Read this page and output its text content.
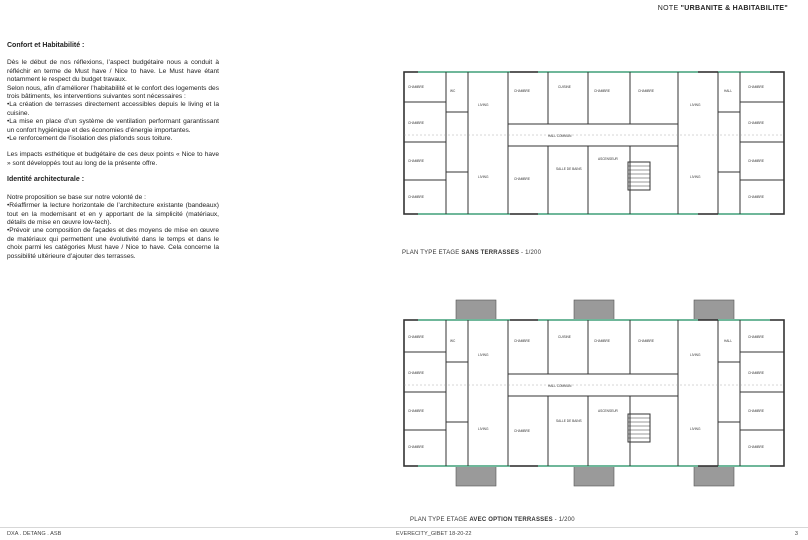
NOTE "URBANITE & HABITABILITE"
Confort et Habitabilité :

Dès le début de nos réflexions, l’aspect budgétaire nous a conduit à réfléchir en terme de Must have / Nice to have. Le Must have étant notamment le respect du budget travaux.

Selon nous, afin d’améliorer l’habitabilité et le confort des logements des trois bâtiments, les interventions suivantes sont nécessaires :

•La création de terrasses directement accessibles depuis le living et la cuisine.

•La mise en place d’un système de ventilation performant garantissant un confort hygiénique et des économies d’énergie importantes.

•Le renforcement de l’isolation des plafonds sous toiture.

Les impacts esthétique et budgétaire de ces deux points « Nice to have » sont développés tout au long de la présente offre.

Identité architecturale :

Notre proposition se base sur notre volonté de :

•Réaffirmer la lecture horizontale de l’architecture existante (bandeaux) tout en la modernisant et en y apportant de la simplicité (matériaux, détails de mise en œuvre low-tech).

•Prévoir une composition de façades et des moyens de mise en œuvre de matériaux qui permettent une évolutivité dans le temps et dans le choix parmi les catégories Must have / Nice to have. Cela concerne la possibilité ultérieure d’ajouter des terrasses.

CHAMBRE
CHAMBRE
CHAMBRE
CHAMBRE
LIVING
LIVING
CHAMBRE
CUISINE
CHAMBRE	CHAMBRE
HALL COMMUN
CHAMBRE
SALLE DE BAINS
ASCENSEUR
LIVING
LIVING
CHAMBRE
CHAMBRE
CHAMBRE
CHAMBRE
WC	HALL
PLAN TYPE ETAGE SANS TERRASSES - 1/200
CHAMBRE
CHAMBRE
CHAMBRE
CHAMBRE
LIVING
LIVING
CHAMBRE
CUISINE
CHAMBRE	CHAMBRE
HALL COMMUN
CHAMBRE
SALLE DE BAINS
ASCENSEUR
LIVING
LIVING
CHAMBRE
CHAMBRE
CHAMBRE
CHAMBRE
WC	HALL
PLAN TYPE ETAGE AVEC OPTION TERRASSES - 1/200
DXA . DETANG . ASB	EVERECITY_GIBET 18-20-22	3
